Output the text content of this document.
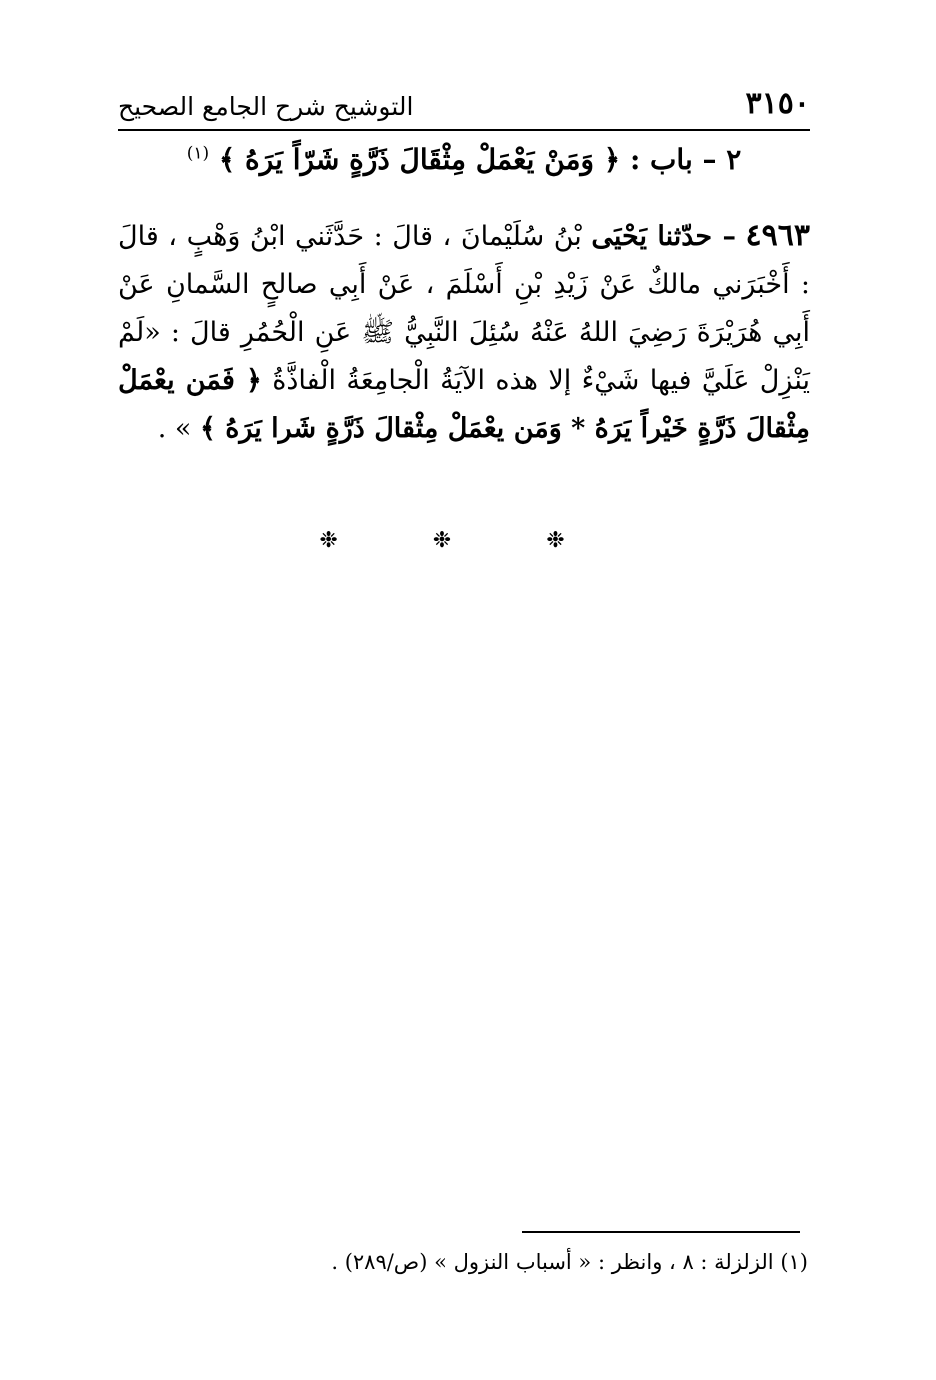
التوشيح شرح الجامع الصحيح	٣١٥٠
٢ – باب : ﴿ وَمَنْ يَعْمَلْ مِثْقَالَ ذَرَّةٍ شَرّاً يَرَهُ ﴾ $^{(١)}$
٤٩٦٣ – حدّثنا يَحْيَى بْنُ سُلَيْمانَ ، قالَ : حَدَّثَني ابْنُ وَهْبٍ ، قالَ : أَخْبَرَني مالكٌ عَنْ زَيْدِ بْنِ أَسْلَمَ ، عَنْ أَبِي صالحٍ السَّمانِ عَنْ أَبِي هُرَيْرَةَ رَضِيَ اللهُ عَنْهُ سُئِلَ النَّبِيُّ ﷺ عَنِ الْحُمُرِ قالَ : «لَمْ يَنْزِلْ عَلَيَّ فيها شَيْءٌ إلا هذه الآيَةُ الْجامِعَةُ الْفاذَّةُ ﴿ فَمَن يعْمَلْ مِثْقالَ ذَرَّةٍ خَيْراً يَرَهُ * وَمَن يعْمَلْ مِثْقالَ ذَرَّةٍ شَرا يَرَهُ ﴾ » .
❉ ❉ ❉
(١) الزلزلة : ٨ ، وانظر : « أسباب النزول » (ص/٢٨٩) .
